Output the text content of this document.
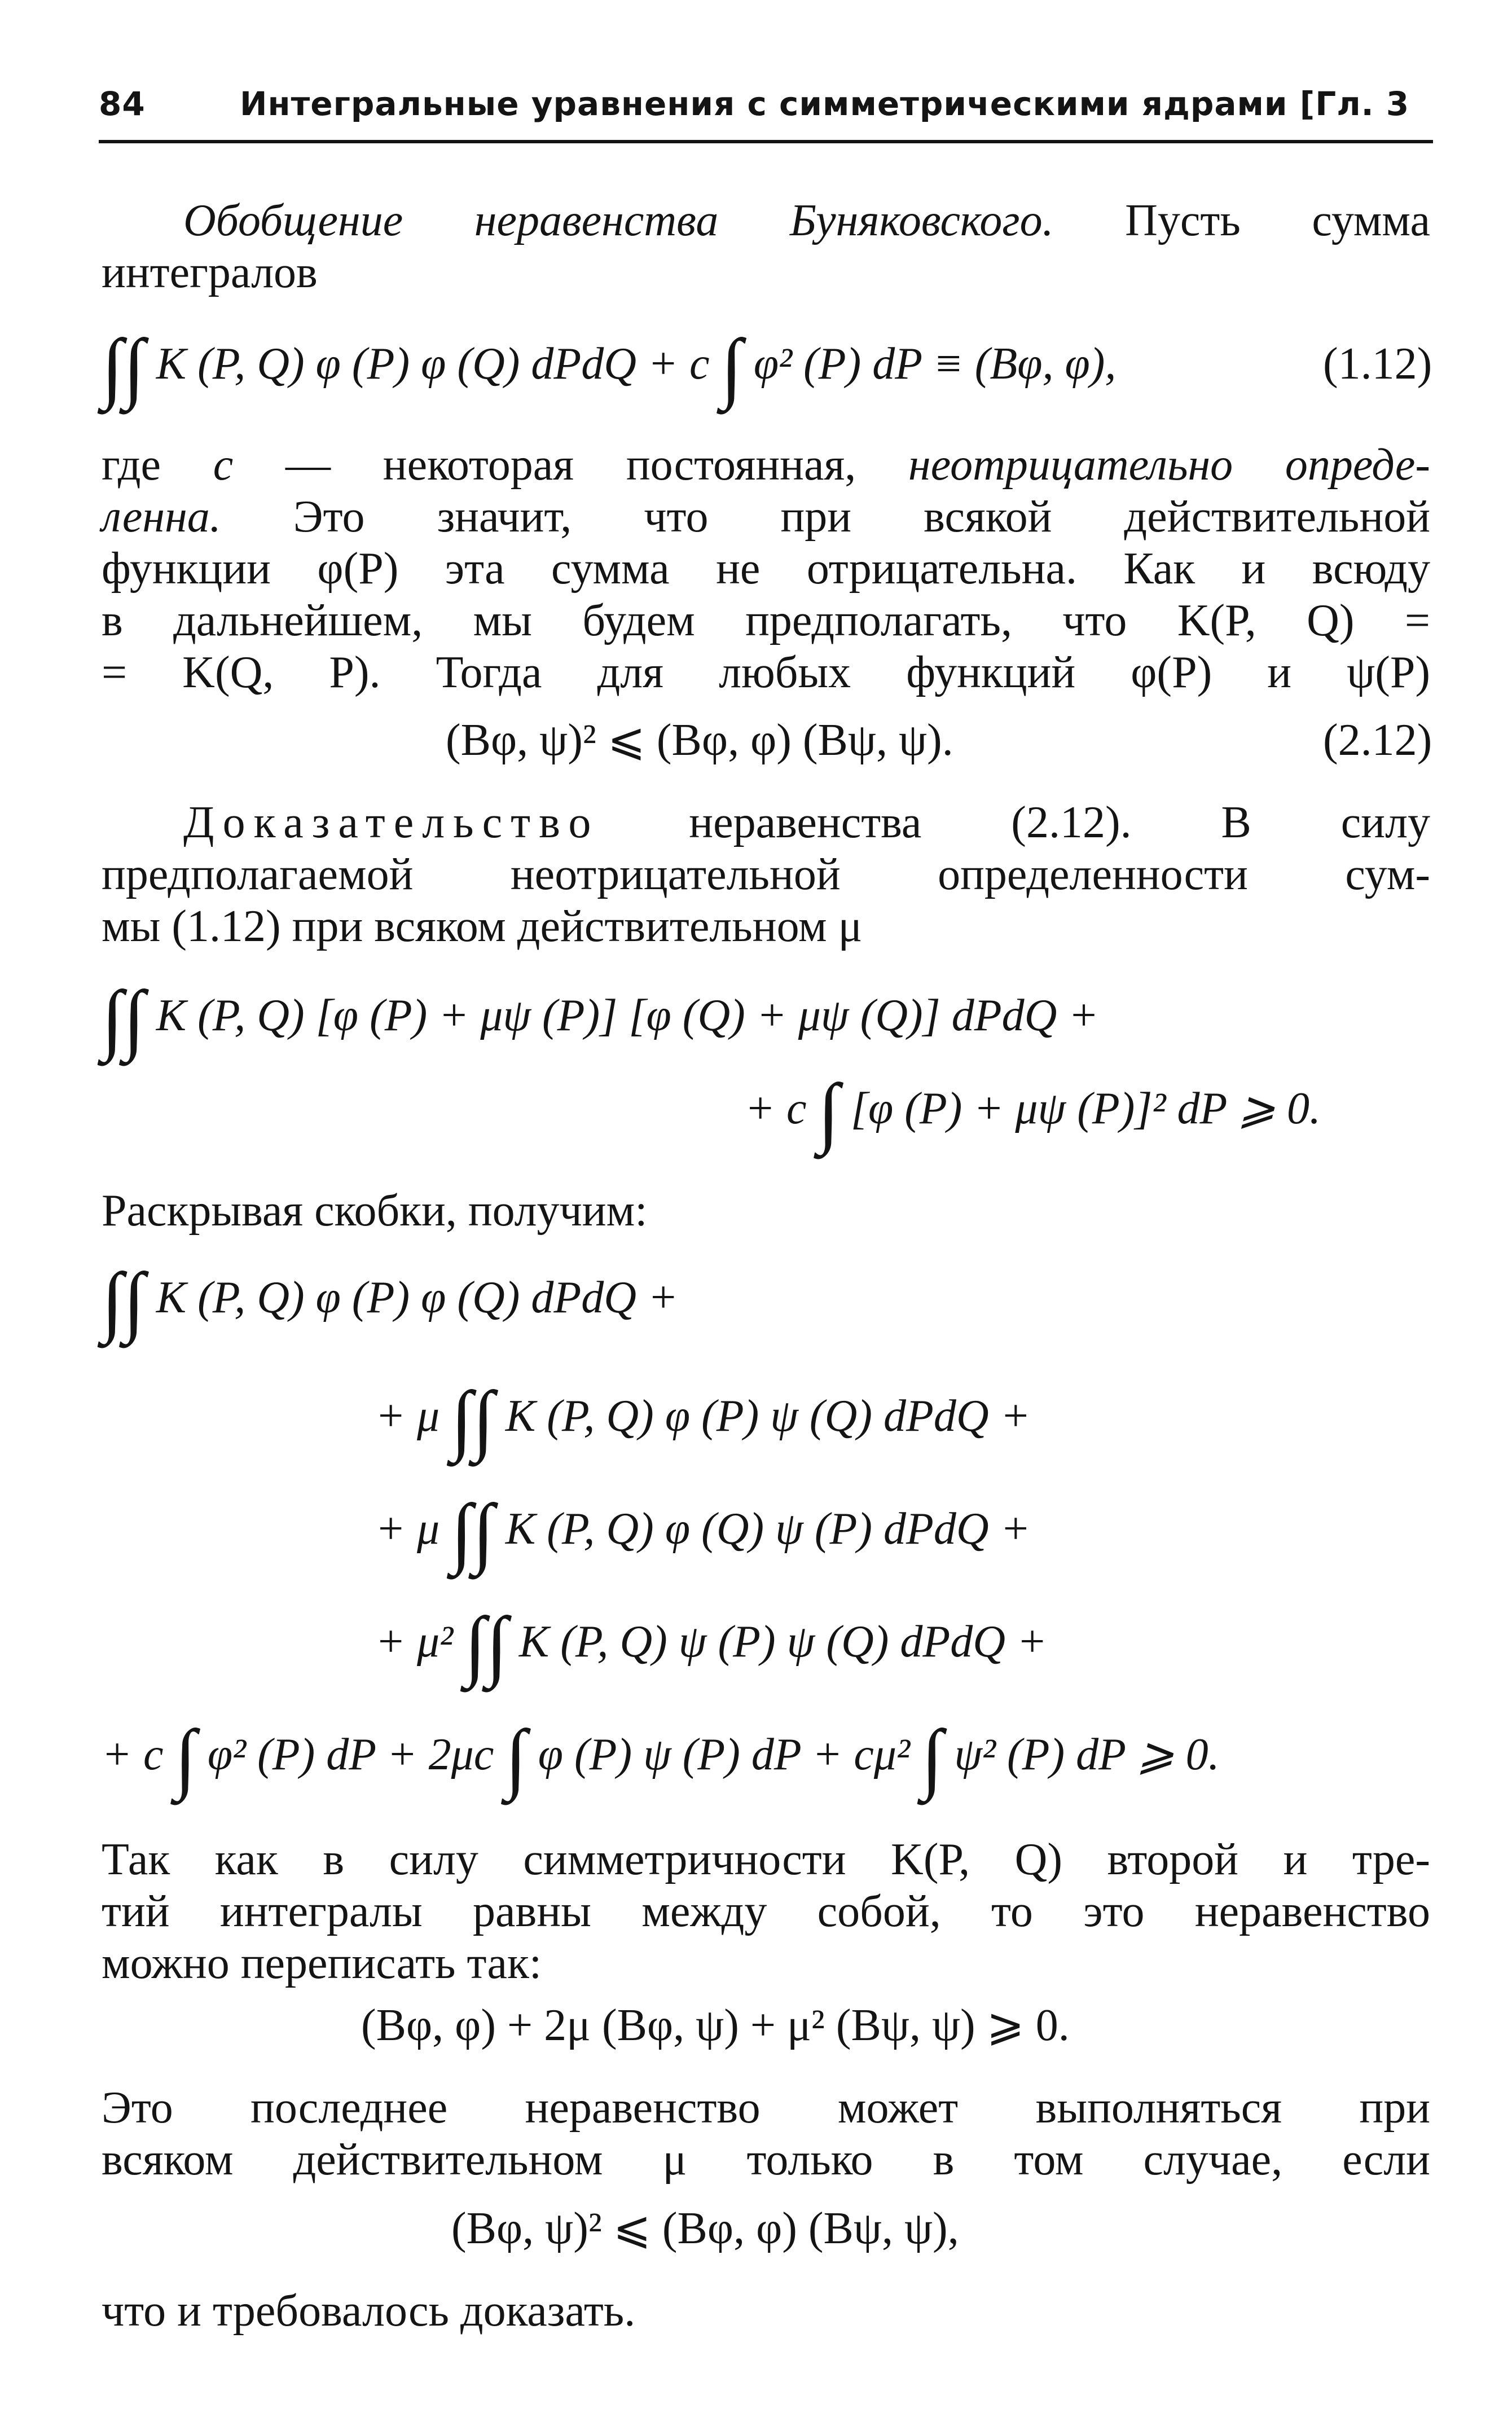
84	Интегральные уравнения с симметрическими ядрами [Гл. 3
Обобщение неравенства Буняковского. Пусть сумма
интегралов
∫∫ K (P, Q) φ (P) φ (Q) dPdQ + c ∫ φ² (P) dP ≡ (Bφ, φ),	(1.12)
где c — некоторая постоянная, неотрицательно опреде-
ленна. Это значит, что при всякой действительной
функции φ(P) эта сумма не отрицательна. Как и всюду
в дальнейшем, мы будем предполагать, что K(P, Q) =
= K(Q, P). Тогда для любых функций φ(P) и ψ(P)
(Bφ, ψ)² ⩽ (Bφ, φ) (Bψ, ψ).	(2.12)
Доказательство неравенства (2.12). В силу
предполагаемой неотрицательной определенности сум-
мы (1.12) при всяком действительном μ
∫∫ K (P, Q) [φ (P) + μψ (P)] [φ (Q) + μψ (Q)] dPdQ +
+ c ∫ [φ (P) + μψ (P)]² dP ⩾ 0.
Раскрывая скобки, получим:
∫∫ K (P, Q) φ (P) φ (Q) dPdQ +
+ μ ∫∫ K (P, Q) φ (P) ψ (Q) dPdQ +
+ μ ∫∫ K (P, Q) φ (Q) ψ (P) dPdQ +
+ μ² ∫∫ K (P, Q) ψ (P) ψ (Q) dPdQ +
+ c ∫ φ² (P) dP + 2μc ∫ φ (P) ψ (P) dP + cμ² ∫ ψ² (P) dP ⩾ 0.
Так как в силу симметричности K(P, Q) второй и тре-
тий интегралы равны между собой, то это неравенство
можно переписать так:
(Bφ, φ) + 2μ (Bφ, ψ) + μ² (Bψ, ψ) ⩾ 0.
Это последнее неравенство может выполняться при
всяком действительном μ только в том случае, если
(Bφ, ψ)² ⩽ (Bφ, φ) (Bψ, ψ),
что и требовалось доказать.
